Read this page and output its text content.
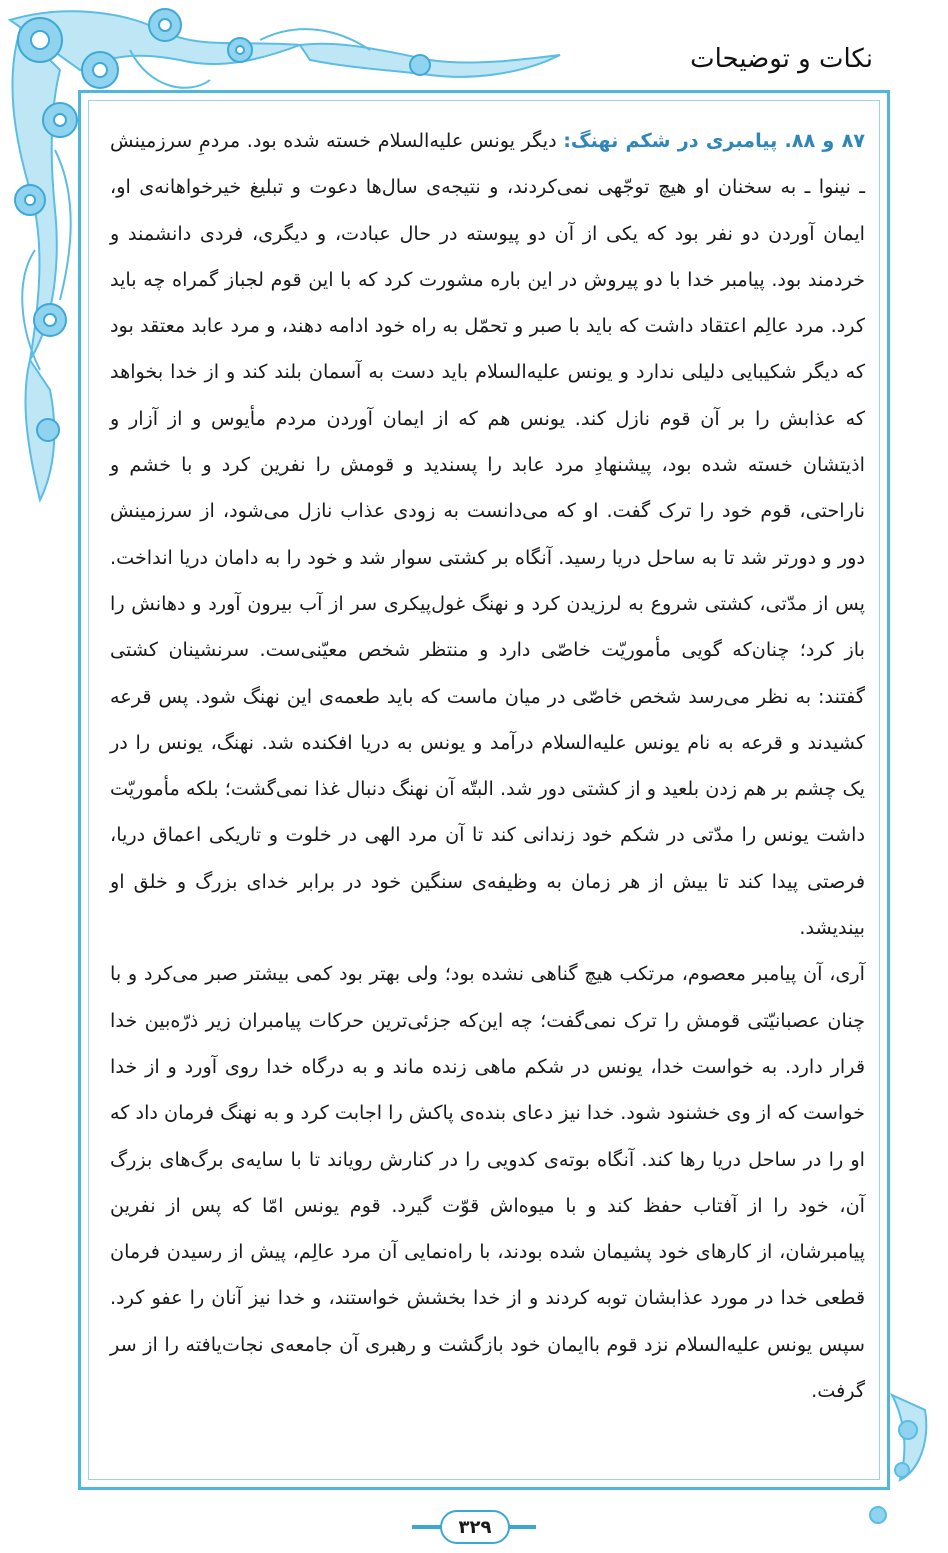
نکات و توضیحات

۸۷ و ۸۸. پیامبری در شکم نهنگ: دیگر یونس علیه‌السلام خسته شده بود. مردمِ سرزمینش ـ نینوا ـ به سخنان او هیچ توجّهی نمی‌کردند، و نتیجه‌ی سال‌ها دعوت و تبلیغ خیرخواهانه‌ی او، ایمان آوردن دو نفر بود که یکی از آن دو پیوسته در حال عبادت، و دیگری، فردی دانشمند و خردمند بود. پیامبر خدا با دو پیروش در این باره مشورت کرد که با این قوم لجباز گمراه چه باید کرد. مرد عالِم اعتقاد داشت که باید با صبر و تحمّل به راه خود ادامه دهند، و مرد عابد معتقد بود که دیگر شکیبایی دلیلی ندارد و یونس علیه‌السلام باید دست به آسمان بلند کند و از خدا بخواهد که عذابش را بر آن قوم نازل کند. یونس هم که از ایمان آوردن مردم مأیوس و از آزار و اذیتشان خسته شده بود، پیشنهادِ مرد عابد را پسندید و قومش را نفرین کرد و با خشم و ناراحتی، قوم خود را ترک گفت. او که می‌دانست به زودی عذاب نازل می‌شود، از سرزمینش دور و دورتر شد تا به ساحل دریا رسید. آنگاه بر کشتی سوار شد و خود را به دامان دریا انداخت. پس از مدّتی، کشتی شروع به لرزیدن کرد و نهنگ غول‌پیکری سر از آب بیرون آورد و دهانش را باز کرد؛ چنان‌که گویی مأموریّت خاصّی دارد و منتظر شخص معیّنی‌ست. سرنشینان کشتی گفتند: به نظر می‌رسد شخص خاصّی در میان ماست که باید طعمه‌ی این نهنگ شود. پس قرعه کشیدند و قرعه به نام یونس علیه‌السلام درآمد و یونس به دریا افکنده شد. نهنگ، یونس را در یک چشم بر هم زدن بلعید و از کشتی دور شد. البتّه آن نهنگ دنبال غذا نمی‌گشت؛ بلکه مأموریّت داشت یونس را مدّتی در شکم خود زندانی کند تا آن مرد الهی در خلوت و تاریکی اعماق دریا، فرصتی پیدا کند تا بیش از هر زمان به وظیفه‌ی سنگین خود در برابر خدای بزرگ و خلق او بیندیشد.

آری، آن پیامبر معصوم، مرتکب هیچ گناهی نشده بود؛ ولی بهتر بود کمی بیشتر صبر می‌کرد و با چنان عصبانیّتی قومش را ترک نمی‌گفت؛ چه این‌که جزئی‌ترین حرکات پیامبران زیر ذرّه‌بین خدا قرار دارد. به خواست خدا، یونس در شکم ماهی زنده ماند و به درگاه خدا روی آورد و از خدا خواست که از وی خشنود شود. خدا نیز دعای بنده‌ی پاکش را اجابت کرد و به نهنگ فرمان داد که او را در ساحل دریا رها کند. آنگاه بوته‌ی کدویی را در کنارش رویاند تا با سایه‌ی برگ‌های بزرگ آن، خود را از آفتاب حفظ کند و با میوه‌اش قوّت گیرد. قوم یونس امّا که پس از نفرین پیامبرشان، از کارهای خود پشیمان شده بودند، با راه‌نمایی آن مرد عالِم، پیش از رسیدن فرمان قطعی خدا در مورد عذابشان توبه کردند و از خدا بخشش خواستند، و خدا نیز آنان را عفو کرد. سپس یونس علیه‌السلام نزد قوم باایمان خود بازگشت و رهبری آن جامعه‌ی نجات‌یافته را از سر گرفت.

۳۲۹
